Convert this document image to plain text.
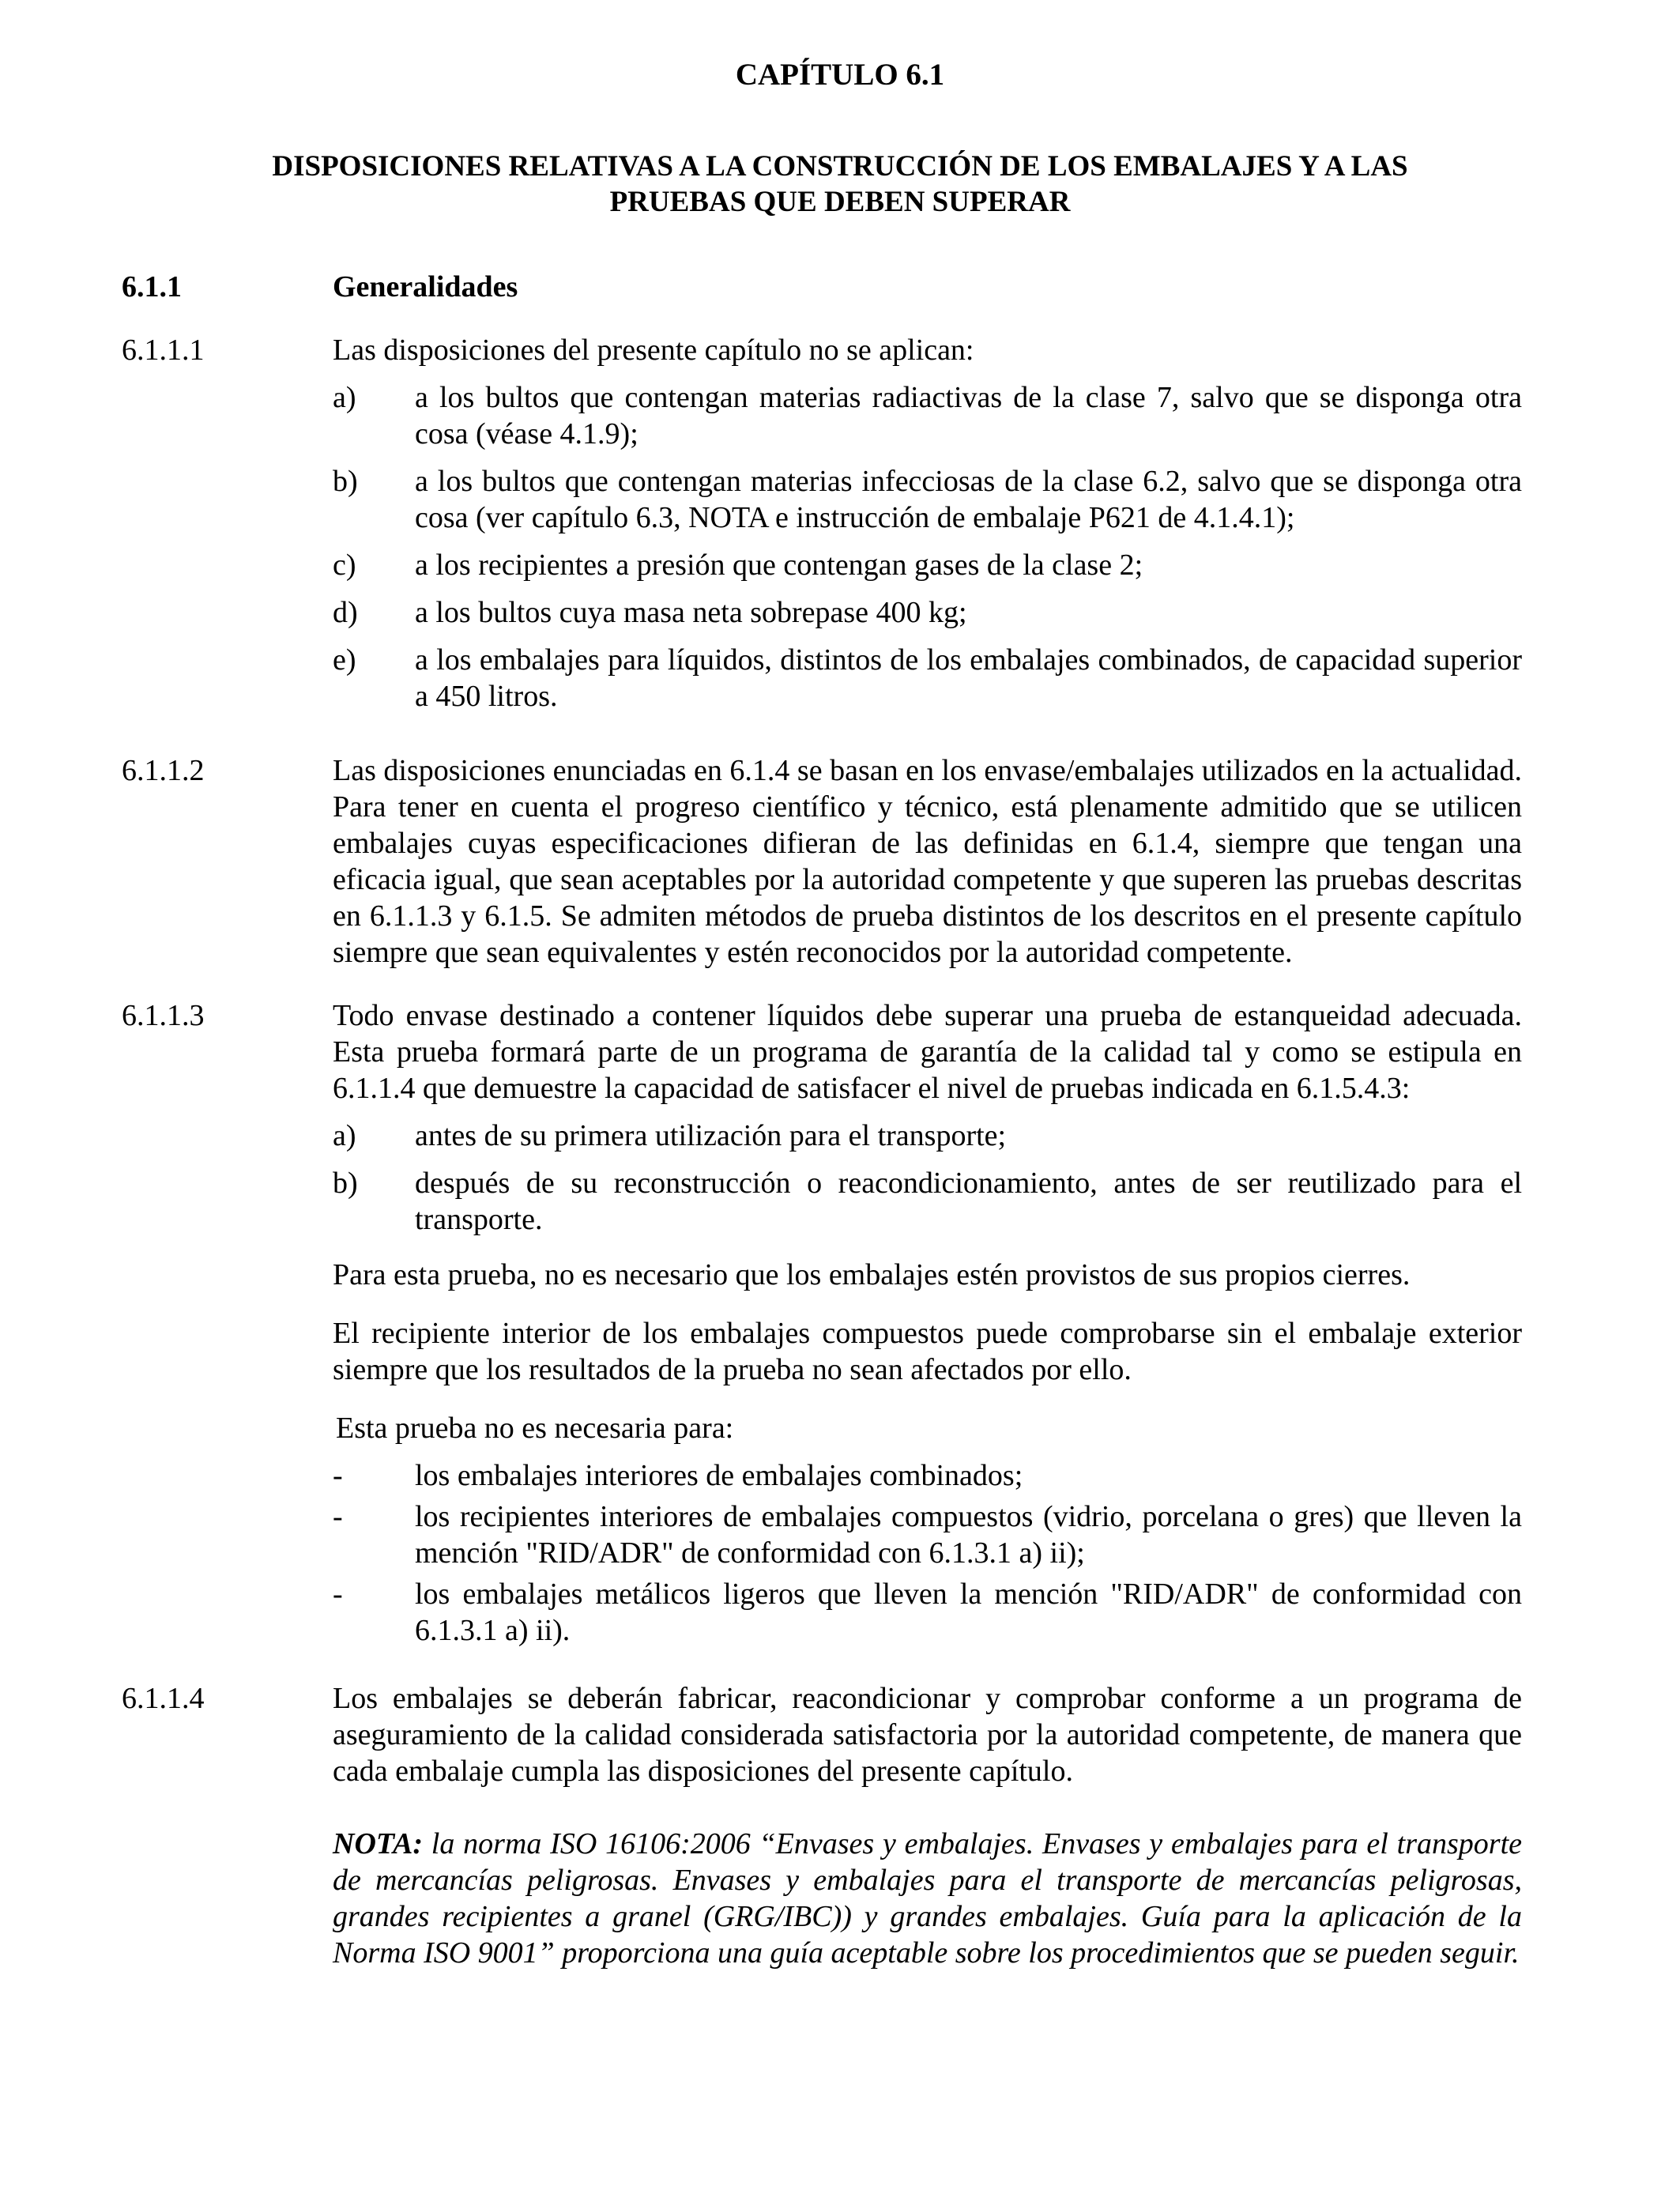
CAPÍTULO 6.1
DISPOSICIONES RELATIVAS A LA CONSTRUCCIÓN DE LOS EMBALAJES Y A LAS
PRUEBAS QUE DEBEN SUPERAR
6.1.1	Generalidades
6.1.1.1	Las disposiciones del presente capítulo no se aplican:
a)	a los bultos que contengan materias radiactivas de la clase 7, salvo que se disponga otra cosa (véase 4.1.9);
b)	a los bultos que contengan materias infecciosas de la clase 6.2, salvo que se disponga otra cosa (ver capítulo 6.3, NOTA e instrucción de embalaje P621 de 4.1.4.1);
c)	a los recipientes a presión que contengan gases de la clase 2;
d)	a los bultos cuya masa neta sobrepase 400 kg;
e)	a los embalajes para líquidos, distintos de los embalajes combinados, de capacidad superior a 450 litros.
6.1.1.2	Las disposiciones enunciadas en 6.1.4 se basan en los envase/embalajes utilizados en la actualidad. Para tener en cuenta el progreso científico y técnico, está plenamente admitido que se utilicen embalajes cuyas especificaciones difieran de las definidas en 6.1.4, siempre que tengan una eficacia igual, que sean aceptables por la autoridad competente y que superen las pruebas descritas en 6.1.1.3 y 6.1.5. Se admiten métodos de prueba distintos de los descritos en el presente capítulo siempre que sean equivalentes y estén reconocidos por la autoridad competente.
6.1.1.3	Todo envase destinado a contener líquidos debe superar una prueba de estanqueidad adecuada. Esta prueba formará parte de un programa de garantía de la calidad tal y como se estipula en 6.1.1.4 que demuestre la capacidad de satisfacer el nivel de pruebas indicada en 6.1.5.4.3:
a)	antes de su primera utilización para el transporte;
b)	después de su reconstrucción o reacondicionamiento, antes de ser reutilizado para el transporte.
Para esta prueba, no es necesario que los embalajes estén provistos de sus propios cierres.
El recipiente interior de los embalajes compuestos puede comprobarse sin el embalaje exterior siempre que los resultados de la prueba no sean afectados por ello.
Esta prueba no es necesaria para:
-	los embalajes interiores de embalajes combinados;
-	los recipientes interiores de embalajes compuestos (vidrio, porcelana o gres) que lleven la mención "RID/ADR" de conformidad con 6.1.3.1 a) ii);
-	los embalajes metálicos ligeros que lleven la mención "RID/ADR" de conformidad con 6.1.3.1 a) ii).
6.1.1.4	Los embalajes se deberán fabricar, reacondicionar y comprobar conforme a un programa de aseguramiento de la calidad considerada satisfactoria por la autoridad competente, de manera que cada embalaje cumpla las disposiciones del presente capítulo.
NOTA: la norma ISO 16106:2006 “Envases y embalajes. Envases y embalajes para el transporte de mercancías peligrosas. Envases y embalajes para el transporte de mercancías peligrosas, grandes recipientes a granel (GRG/IBC)) y grandes embalajes. Guía para la aplicación de la Norma ISO 9001” proporciona una guía aceptable sobre los procedimientos que se pueden seguir.
